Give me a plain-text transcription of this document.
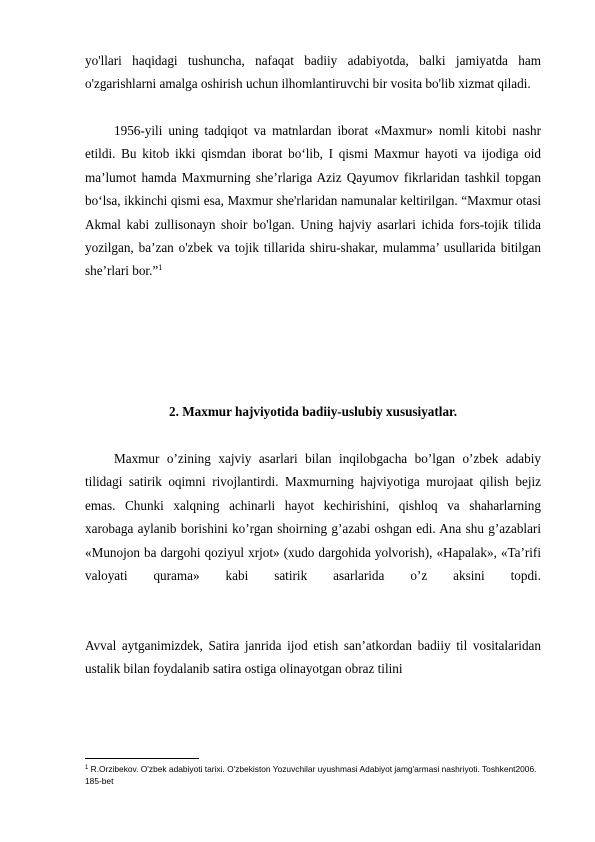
yo'llari haqidagi tushuncha, nafaqat badiiy adabiyotda, balki jamiyatda ham o'zgarishlarni amalga oshirish uchun ilhomlantiruvchi bir vosita bo'lib xizmat qiladi.

1956-yili uning tadqiqot va matnlardan iborat «Maxmur» nomli kitobi nashr etildi. Bu kitob ikki qismdan iborat bo‘lib, I qismi Maxmur hayoti va ijodiga oid ma’lumot hamda Maxmurning she’rlariga Aziz Qayumov fikrlaridan tashkil topgan bo‘lsa, ikkinchi qismi esa, Maxmur she'rlaridan namunalar keltirilgan. “Maxmur otasi Akmal kabi zullisonayn shoir bo'lgan. Uning hajviy asarlari ichida fors-tojik tilida yozilgan, ba’zan o'zbek va tojik tillarida shiru-shakar, mulamma’ usullarida bitilgan she’rlari bor.”$^1$

2. Maxmur hajviyotida badiiy-uslubiy xususiyatlar.

Maxmur o’zining xajviy asarlari bilan inqilobgacha bo’lgan o’zbek adabiy tilidagi satirik oqimni rivojlantirdi. Maxmurning hajviyotiga murojaat qilish bejiz emas. Chunki xalqning achinarli hayot kechirishini, qishloq va shaharlarning xarobaga aylanib borishini ko’rgan shoirning g’azabi oshgan edi. Ana shu g’azablari «Munojon ba dargohi qoziyul xrjot» (xudo dargohida yolvorish), «Hapalak», «Ta’rifi valoyati qurama» kabi satirik asarlarida o’z aksini topdi.

Avval aytganimizdek, Satira janrida ijod etish san’atkordan badiiy til vositalaridan ustalik bilan foydalanib satira ostiga olinayotgan obraz tilini

$^1$ R.Orzibekov. O'zbek adabiyoti tarixi. O'zbekiston Yozuvchilar uyushmasi Adabiyot jamg'armasi nashriyoti. Toshkent2006. 185-bet
